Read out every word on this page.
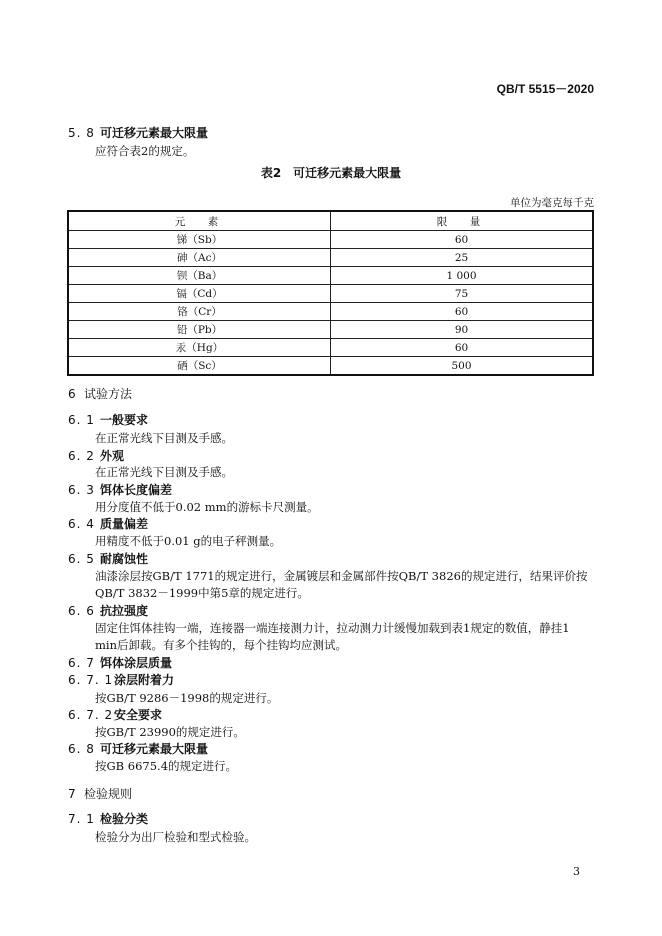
QB/T 5515－2020
5. 8 可迁移元素最大限量
应符合表2的规定。
表2　可迁移元素最大限量
单位为毫克每千克
元　素	限　量
锑（Sb）	60
砷（Ac）	25
钡（Ba）	1 000
镉（Cd）	75
铬（Cr）	60
铅（Pb）	90
汞（Hg）	60
硒（Sc）	500
6 试验方法
6. 1 一般要求
在正常光线下目测及手感。
6. 2 外观
在正常光线下目测及手感。
6. 3 饵体长度偏差
用分度值不低于0.02 mm的游标卡尺测量。
6. 4 质量偏差
用精度不低于0.01 g的电子秤测量。
6. 5 耐腐蚀性
油漆涂层按GB/T 1771的规定进行，金属镀层和金属部件按QB/T 3826的规定进行，结果评价按QB/T 3832－1999中第5章的规定进行。
6. 6 抗拉强度
固定住饵体挂钩一端，连接器一端连接测力计，拉动测力计缓慢加载到表1规定的数值，静挂1 min后卸载。有多个挂钩的，每个挂钩均应测试。
6. 7 饵体涂层质量
6. 7. 1涂层附着力
按GB/T 9286－1998的规定进行。
6. 7. 2安全要求
按GB/T 23990的规定进行。
6. 8 可迁移元素最大限量
按GB 6675.4的规定进行。
7 检验规则
7. 1 检验分类
检验分为出厂检验和型式检验。
3
